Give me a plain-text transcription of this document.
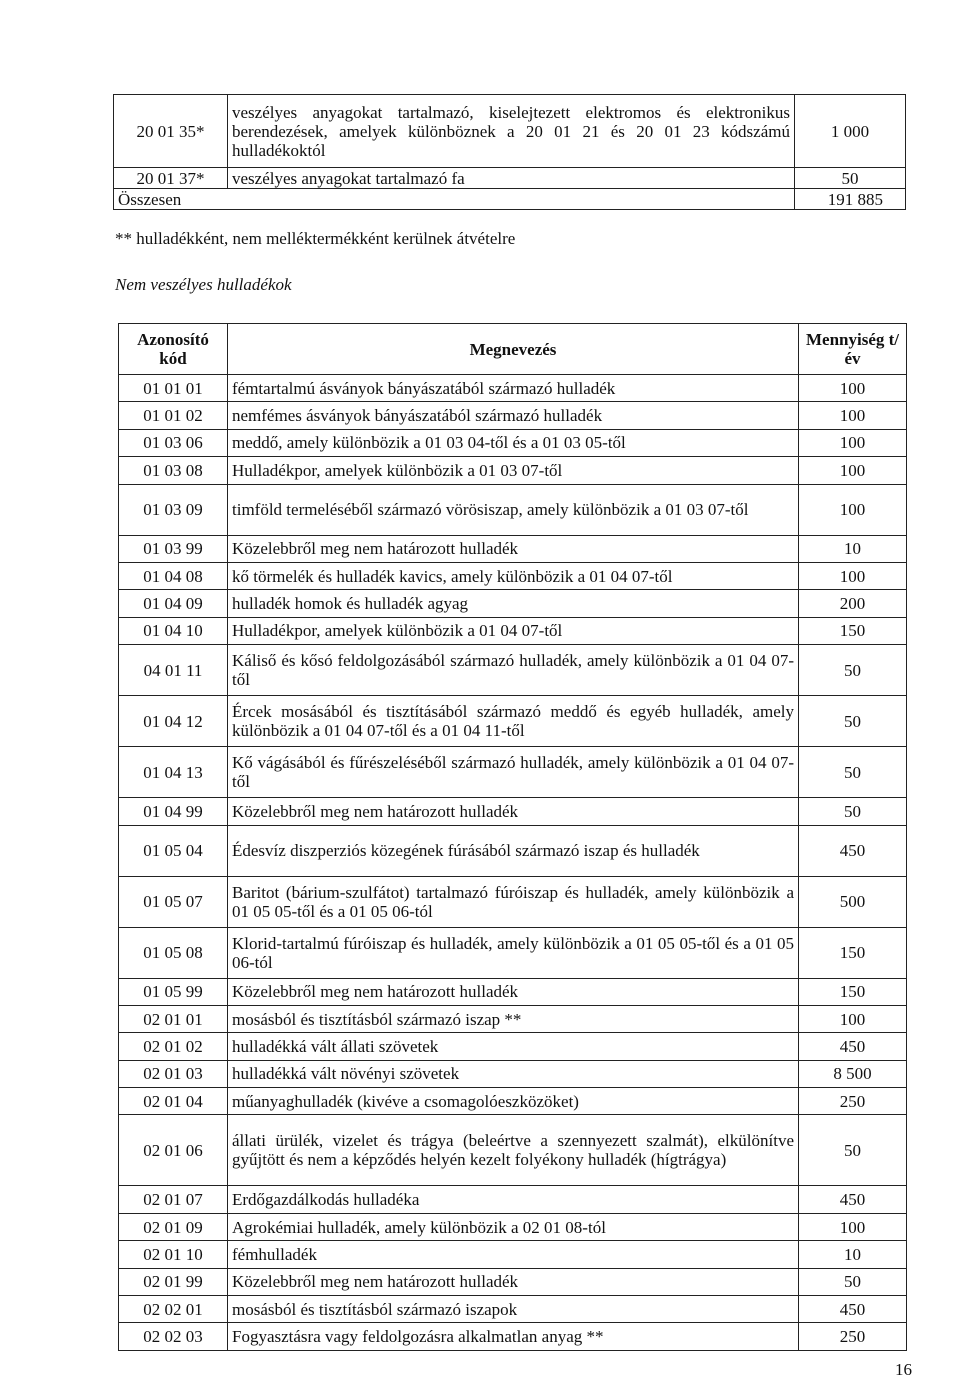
20 01 35*	veszélyes anyagokat tartalmazó, kiselejtezett elektromos és elektronikus berendezések, amelyek különböznek a 20 01 21 és 20 01 23 kódszámú hulladékoktól	1 000
20 01 37*	veszélyes anyagokat tartalmazó fa	50
Összesen		191 885
** hulladékként, nem melléktermékként kerülnek átvételre
Nem veszélyes hulladékok
Azonosító kód	Megnevezés	Mennyiség t/év
01 01 01	fémtartalmú ásványok bányászatából származó hulladék	100
01 01 02	nemfémes ásványok bányászatából származó hulladék	100
01 03 06	meddő, amely különbözik a 01 03 04-től és a 01 03 05-től	100
01 03 08	Hulladékpor, amelyek különbözik a 01 03 07-től	100
01 03 09	timföld termeléséből származó vörösiszap, amely különbözik a 01 03 07-től	100
01 03 99	Közelebbről meg nem határozott hulladék	10
01 04 08	kő törmelék és hulladék kavics, amely különbözik a 01 04 07-től	100
01 04 09	hulladék homok és hulladék agyag	200
01 04 10	Hulladékpor, amelyek különbözik a 01 04 07-től	150
04 01 11	Káliső és kősó feldolgozásából származó hulladék, amely különbözik a 01 04 07-től	50
01 04 12	Ércek mosásából és tisztításából származó meddő és egyéb hulladék, amely különbözik a 01 04 07-től és a 01 04 11-től	50
01 04 13	Kő vágásából és fűrészeléséből származó hulladék, amely különbözik a 01 04 07-től	50
01 04 99	Közelebbről meg nem határozott hulladék	50
01 05 04	Édesvíz diszperziós közegének fúrásából származó iszap és hulladék	450
01 05 07	Baritot (bárium-szulfátot) tartalmazó fúróiszap és hulladék, amely különbözik a 01 05 05-től és a 01 05 06-tól	500
01 05 08	Klorid-tartalmú fúróiszap és hulladék, amely különbözik a 01 05 05-től és a 01 05 06-tól	150
01 05 99	Közelebbről meg nem határozott hulladék	150
02 01 01	mosásból és tisztításból származó iszap **	100
02 01 02	hulladékká vált állati szövetek	450
02 01 03	hulladékká vált növényi szövetek	8 500
02 01 04	műanyaghulladék (kivéve a csomagolóeszközöket)	250
02 01 06	állati ürülék, vizelet és trágya (beleértve a szennyezett szalmát), elkülönítve gyűjtött és nem a képződés helyén kezelt folyékony hulladék (hígtrágya)	50
02 01 07	Erdőgazdálkodás hulladéka	450
02 01 09	Agrokémiai hulladék, amely különbözik a 02 01 08-tól	100
02 01 10	fémhulladék	10
02 01 99	Közelebbről meg nem határozott hulladék	50
02 02 01	mosásból és tisztításból származó iszapok	450
02 02 03	Fogyasztásra vagy feldolgozásra alkalmatlan anyag **	250
16
